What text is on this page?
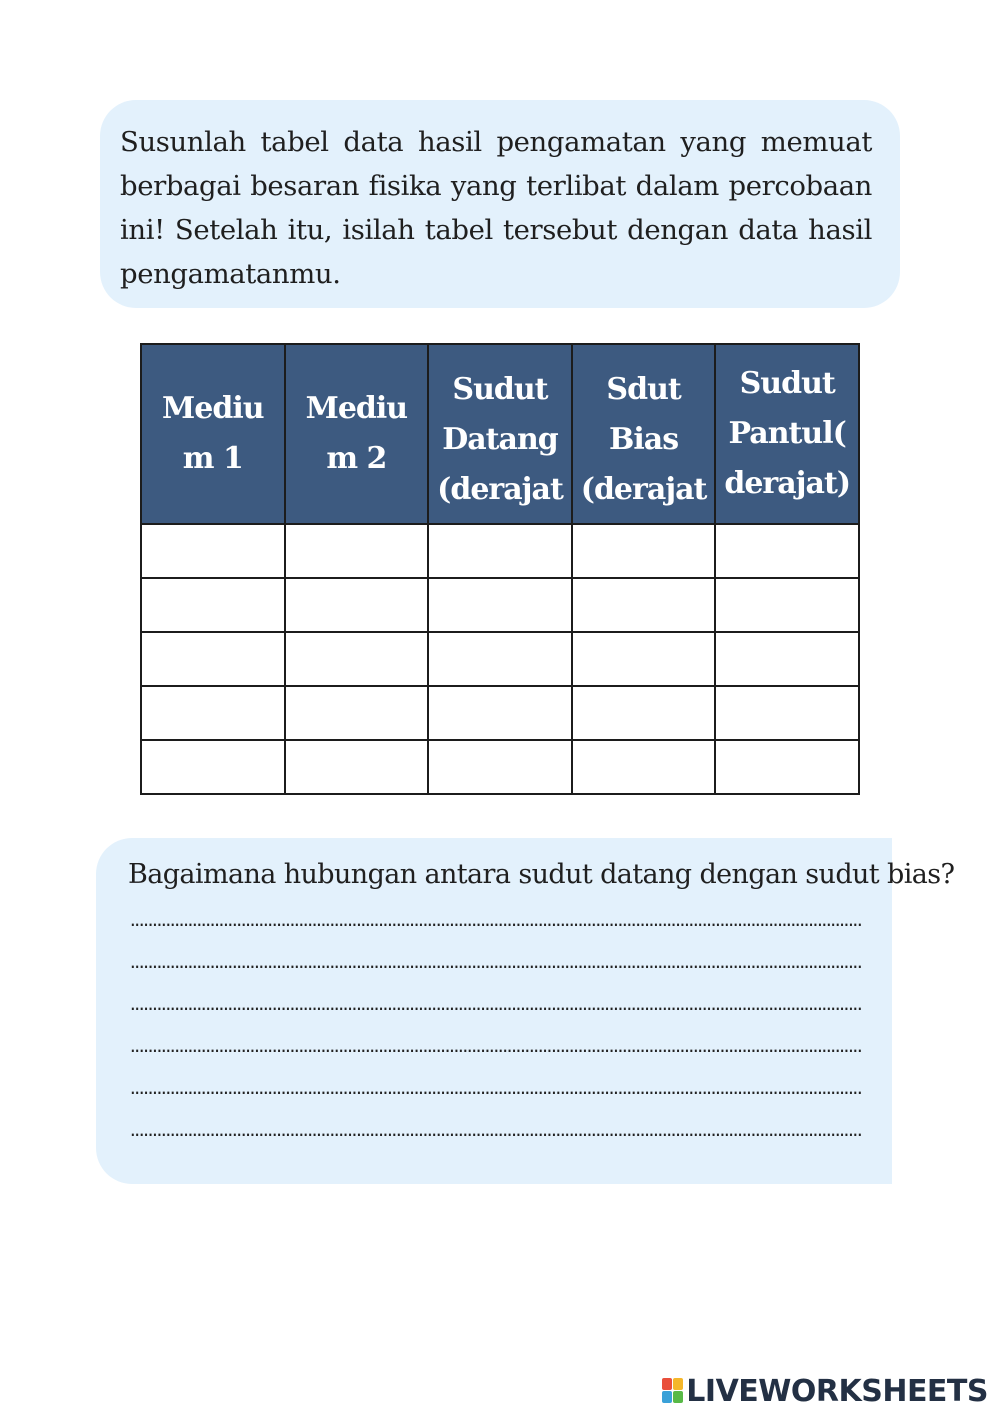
Susunlah tabel data hasil pengamatan yang memuat berbagai besaran fisika yang terlibat dalam percobaan ini! Setelah itu, isilah tabel tersebut dengan data hasil pengamatanmu.

Mediu m 1	Mediu m 2	Sudut Datang (derajat )	Sdut Bias (derajat )	Sudut Pantul( derajat)

Bagaimana hubungan antara sudut datang dengan sudut bias?

.....................................................................................................................................................................
.....................................................................................................................................................................
.....................................................................................................................................................................
.....................................................................................................................................................................
.....................................................................................................................................................................
.....................................................................................................................................................................
LIVEWORKSHEETS
